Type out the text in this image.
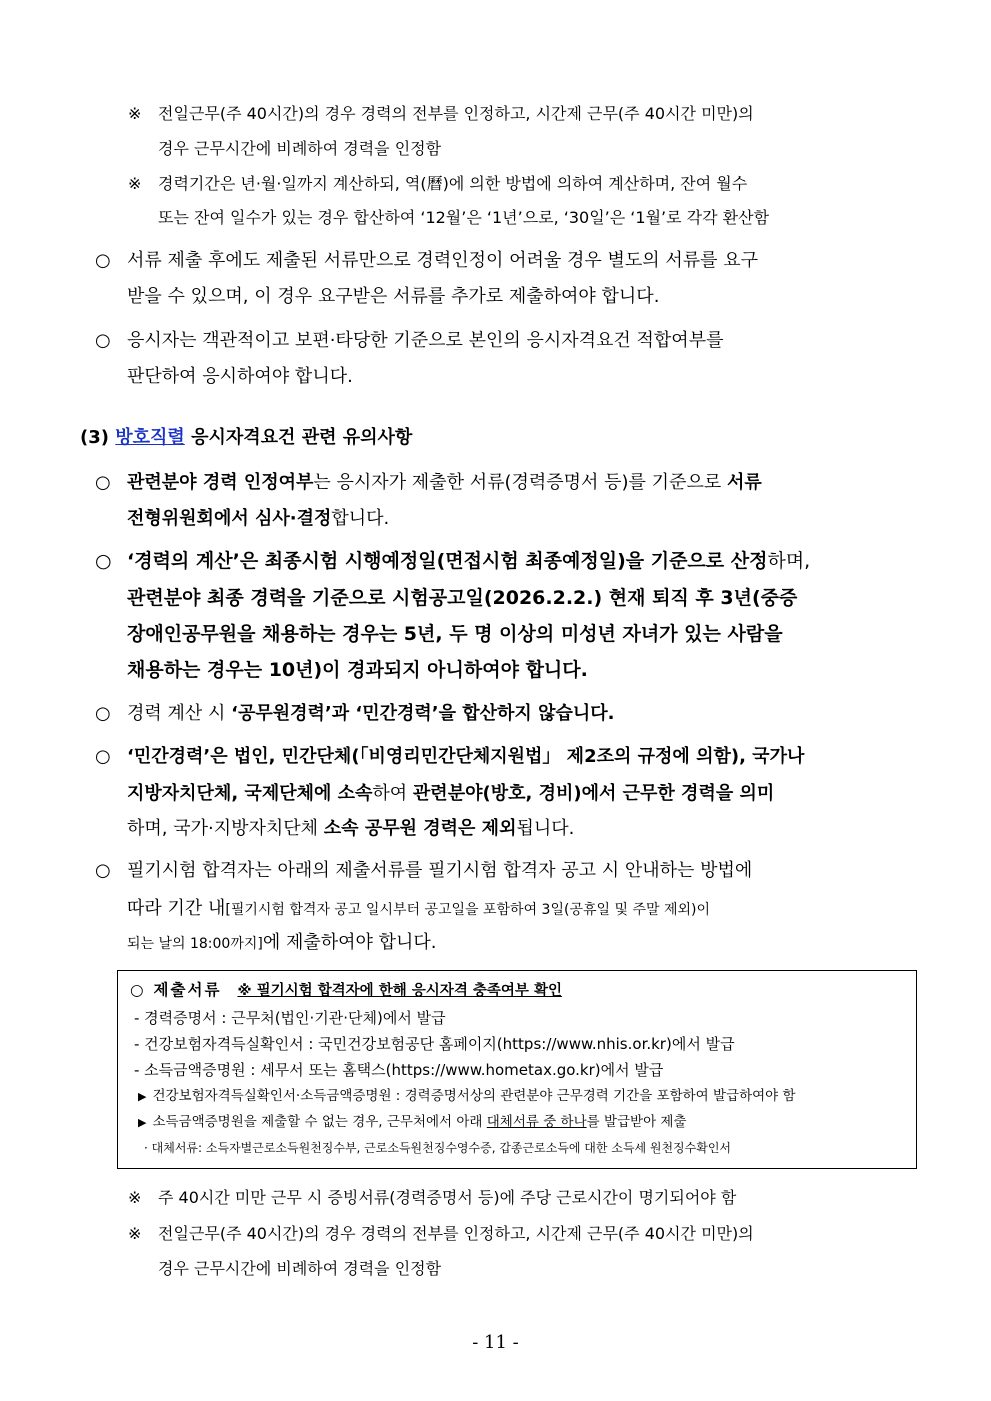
※ 전일근무(주 40시간)의 경우 경력의 전부를 인정하고, 시간제 근무(주 40시간 미만)의
경우 근무시간에 비례하여 경력을 인정함
※ 경력기간은 년·월·일까지 계산하되, 역(曆)에 의한 방법에 의하여 계산하며, 잔여 월수
또는 잔여 일수가 있는 경우 합산하여 ‘12월’은 ‘1년’으로, ‘30일’은 ‘1월’로 각각 환산함
○ 서류 제출 후에도 제출된 서류만으로 경력인정이 어려울 경우 별도의 서류를 요구
받을 수 있으며, 이 경우 요구받은 서류를 추가로 제출하여야 합니다.
○ 응시자는 객관적이고 보편·타당한 기준으로 본인의 응시자격요건 적합여부를
판단하여 응시하여야 합니다.
(3) 방호직렬 응시자격요건 관련 유의사항
○ 관련분야 경력 인정여부는 응시자가 제출한 서류(경력증명서 등)를 기준으로 서류
전형위원회에서 심사·결정합니다.
○ ‘경력의 계산’은 최종시험 시행예정일(면접시험 최종예정일)을 기준으로 산정하며,
관련분야 최종 경력을 기준으로 시험공고일(2026.2.2.) 현재 퇴직 후 3년(중증
장애인공무원을 채용하는 경우는 5년, 두 명 이상의 미성년 자녀가 있는 사람을
채용하는 경우는 10년)이 경과되지 아니하여야 합니다.
○ 경력 계산 시 ‘공무원경력’과 ‘민간경력’을 합산하지 않습니다.
○ ‘민간경력’은 법인, 민간단체(「비영리민간단체지원법」 제2조의 규정에 의함), 국가나
지방자치단체, 국제단체에 소속하여 관련분야(방호, 경비)에서 근무한 경력을 의미
하며, 국가·지방자치단체 소속 공무원 경력은 제외됩니다.
○ 필기시험 합격자는 아래의 제출서류를 필기시험 합격자 공고 시 안내하는 방법에
따라 기간 내[필기시험 합격자 공고 일시부터 공고일을 포함하여 3일(공휴일 및 주말 제외)이
되는 날의 18:00까지]에 제출하여야 합니다.
○ 제출서류 ※ 필기시험 합격자에 한해 응시자격 충족여부 확인
- 경력증명서 : 근무처(법인·기관·단체)에서 발급
- 건강보험자격득실확인서 : 국민건강보험공단 홈페이지(https://www.nhis.or.kr)에서 발급
- 소득금액증명원 : 세무서 또는 홈택스(https://www.hometax.go.kr)에서 발급
▶ 건강보험자격득실확인서·소득금액증명원 : 경력증명서상의 관련분야 근무경력 기간을 포함하여 발급하여야 함
▶ 소득금액증명원을 제출할 수 없는 경우, 근무처에서 아래 대체서류 중 하나를 발급받아 제출
· 대체서류: 소득자별근로소득원천징수부, 근로소득원천징수영수증, 갑종근로소득에 대한 소득세 원천징수확인서
※ 주 40시간 미만 근무 시 증빙서류(경력증명서 등)에 주당 근로시간이 명기되어야 함
※ 전일근무(주 40시간)의 경우 경력의 전부를 인정하고, 시간제 근무(주 40시간 미만)의
경우 근무시간에 비례하여 경력을 인정함
- 11 -
